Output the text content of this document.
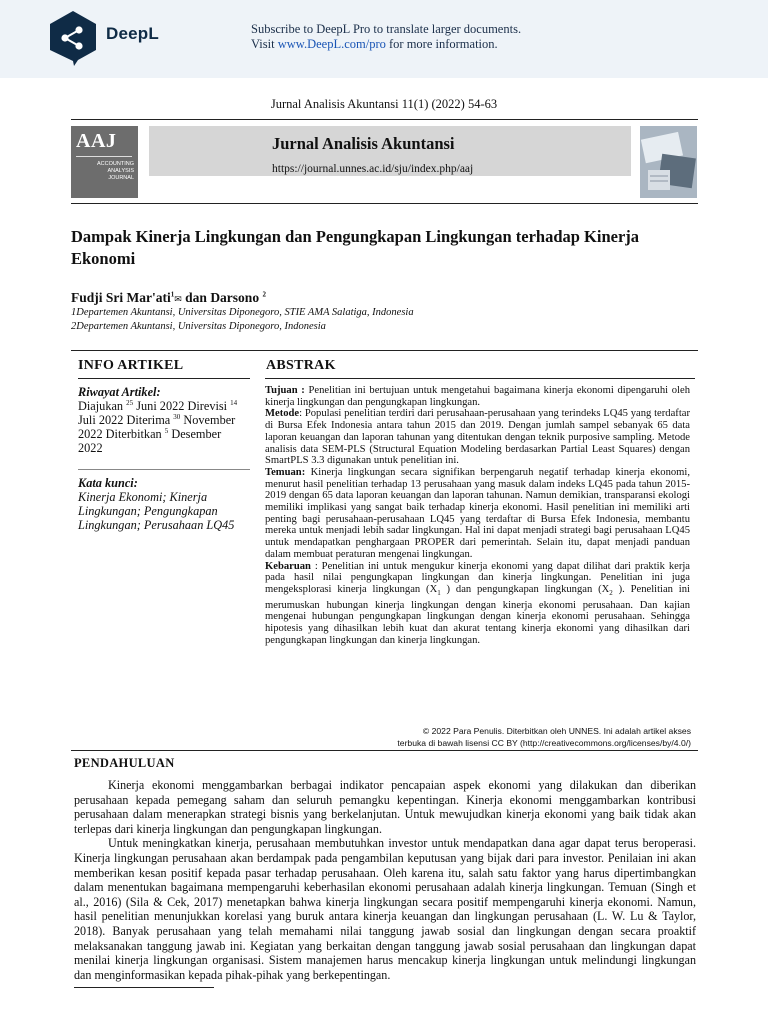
DeepL	Subscribe to DeepL Pro to translate larger documents.
Visit www.DeepL.com/pro for more information.
Jurnal Analisis Akuntansi 11(1) (2022) 54-63
AAJ
ACCOUNTING
ANALYSIS
JOURNAL
Jurnal Analisis Akuntansi
https://journal.unnes.ac.id/sju/index.php/aaj
Dampak Kinerja Lingkungan dan Pengungkapan Lingkungan terhadap Kinerja Ekonomi
Fudji Sri Mar'ati$^1$✉ dan Darsono $^2$
1Departemen Akuntansi, Universitas Diponegoro, STIE AMA Salatiga, Indonesia
2Departemen Akuntansi, Universitas Diponegoro, Indonesia
INFO ARTIKEL	ABSTRAK
Riwayat Artikel:
Diajukan $^{25}$ Juni 2022 Direvisi $^{14}$ Juli 2022 Diterima $^{30}$ November 2022 Diterbitkan $^5$ Desember 2022
Kata kunci:
Kinerja Ekonomi; Kinerja Lingkungan; Pengungkapan Lingkungan; Perusahaan LQ45

Tujuan : Penelitian ini bertujuan untuk mengetahui bagaimana kinerja ekonomi dipengaruhi oleh kinerja lingkungan dan pengungkapan lingkungan.

Metode: Populasi penelitian terdiri dari perusahaan-perusahaan yang terindeks LQ45 yang terdaftar di Bursa Efek Indonesia antara tahun 2015 dan 2019. Dengan jumlah sampel sebanyak 65 data laporan keuangan dan laporan tahunan yang ditentukan dengan teknik purposive sampling. Metode analisis data SEM-PLS (Structural Equation Modeling berdasarkan Partial Least Squares) dengan SmartPLS 3.3 digunakan untuk penelitian ini.

Temuan: Kinerja lingkungan secara signifikan berpengaruh negatif terhadap kinerja ekonomi, menurut hasil penelitian terhadap 13 perusahaan yang masuk dalam indeks LQ45 pada tahun 2015-2019 dengan 65 data laporan keuangan dan laporan tahunan. Namun demikian, transparansi ekologi memiliki implikasi yang sangat baik terhadap kinerja ekonomi. Hasil penelitian ini memiliki arti penting bagi perusahaan-perusahaan LQ45 yang terdaftar di Bursa Efek Indonesia, membantu mereka untuk menjadi lebih sadar lingkungan. Hal ini dapat menjadi strategi bagi perusahaan LQ45 untuk mendapatkan penghargaan PROPER dari pemerintah. Selain itu, dapat menjadi panduan dalam membuat peraturan mengenai lingkungan.

Kebaruan : Penelitian ini untuk mengukur kinerja ekonomi yang dapat dilihat dari praktik kerja pada hasil nilai pengungkapan lingkungan dan kinerja lingkungan. Penelitian ini juga mengeksplorasi kinerja lingkungan ($X_1$ ) dan pengungkapan lingkungan ($X_2$ ). Penelitian ini merumuskan hubungan kinerja lingkungan dengan kinerja ekonomi perusahaan. Dan kajian mengenai hubungan pengungkapan lingkungan dengan kinerja ekonomi perusahaan. Sehingga hipotesis yang dihasilkan lebih kuat dan akurat tentang kinerja ekonomi yang dihasilkan dari pengungkapan lingkungan dan kinerja lingkungan.

© 2022 Para Penulis. Diterbitkan oleh UNNES. Ini adalah artikel akses
terbuka di bawah lisensi CC BY (http://creativecommons.org/licenses/by/4.0/)
PENDAHULUAN

Kinerja ekonomi menggambarkan berbagai indikator pencapaian aspek ekonomi yang dilakukan dan diberikan perusahaan kepada pemegang saham dan seluruh pemangku kepentingan. Kinerja ekonomi menggambarkan kontribusi perusahaan dalam menerapkan strategi bisnis yang berkelanjutan. Untuk mewujudkan kinerja ekonomi yang baik tidak akan terlepas dari kinerja lingkungan dan pengungkapan lingkungan.

Untuk meningkatkan kinerja, perusahaan membutuhkan investor untuk mendapatkan dana agar dapat terus beroperasi. Kinerja lingkungan perusahaan akan berdampak pada pengambilan keputusan yang bijak dari para investor. Penilaian ini akan memberikan kesan positif kepada pasar terhadap perusahaan. Oleh karena itu, salah satu faktor yang harus dipertimbangkan dalam menentukan bagaimana mempengaruhi keberhasilan ekonomi perusahaan adalah kinerja lingkungan. Temuan (Singh et al., 2016) (Sila & Cek, 2017) menetapkan bahwa kinerja lingkungan secara positif mempengaruhi kinerja ekonomi. Namun, hasil penelitian menunjukkan korelasi yang buruk antara kinerja keuangan dan lingkungan perusahaan (L. W. Lu & Taylor, 2018). Banyak perusahaan yang telah memahami nilai tanggung jawab sosial dan lingkungan dengan secara proaktif melaksanakan tanggung jawab ini. Kegiatan yang berkaitan dengan tanggung jawab sosial perusahaan dan lingkungan dapat menilai kinerja lingkungan organisasi. Sistem manajemen harus mencakup kinerja lingkungan untuk melindungi lingkungan dan menginformasikan kepada pihak-pihak yang berkepentingan.
